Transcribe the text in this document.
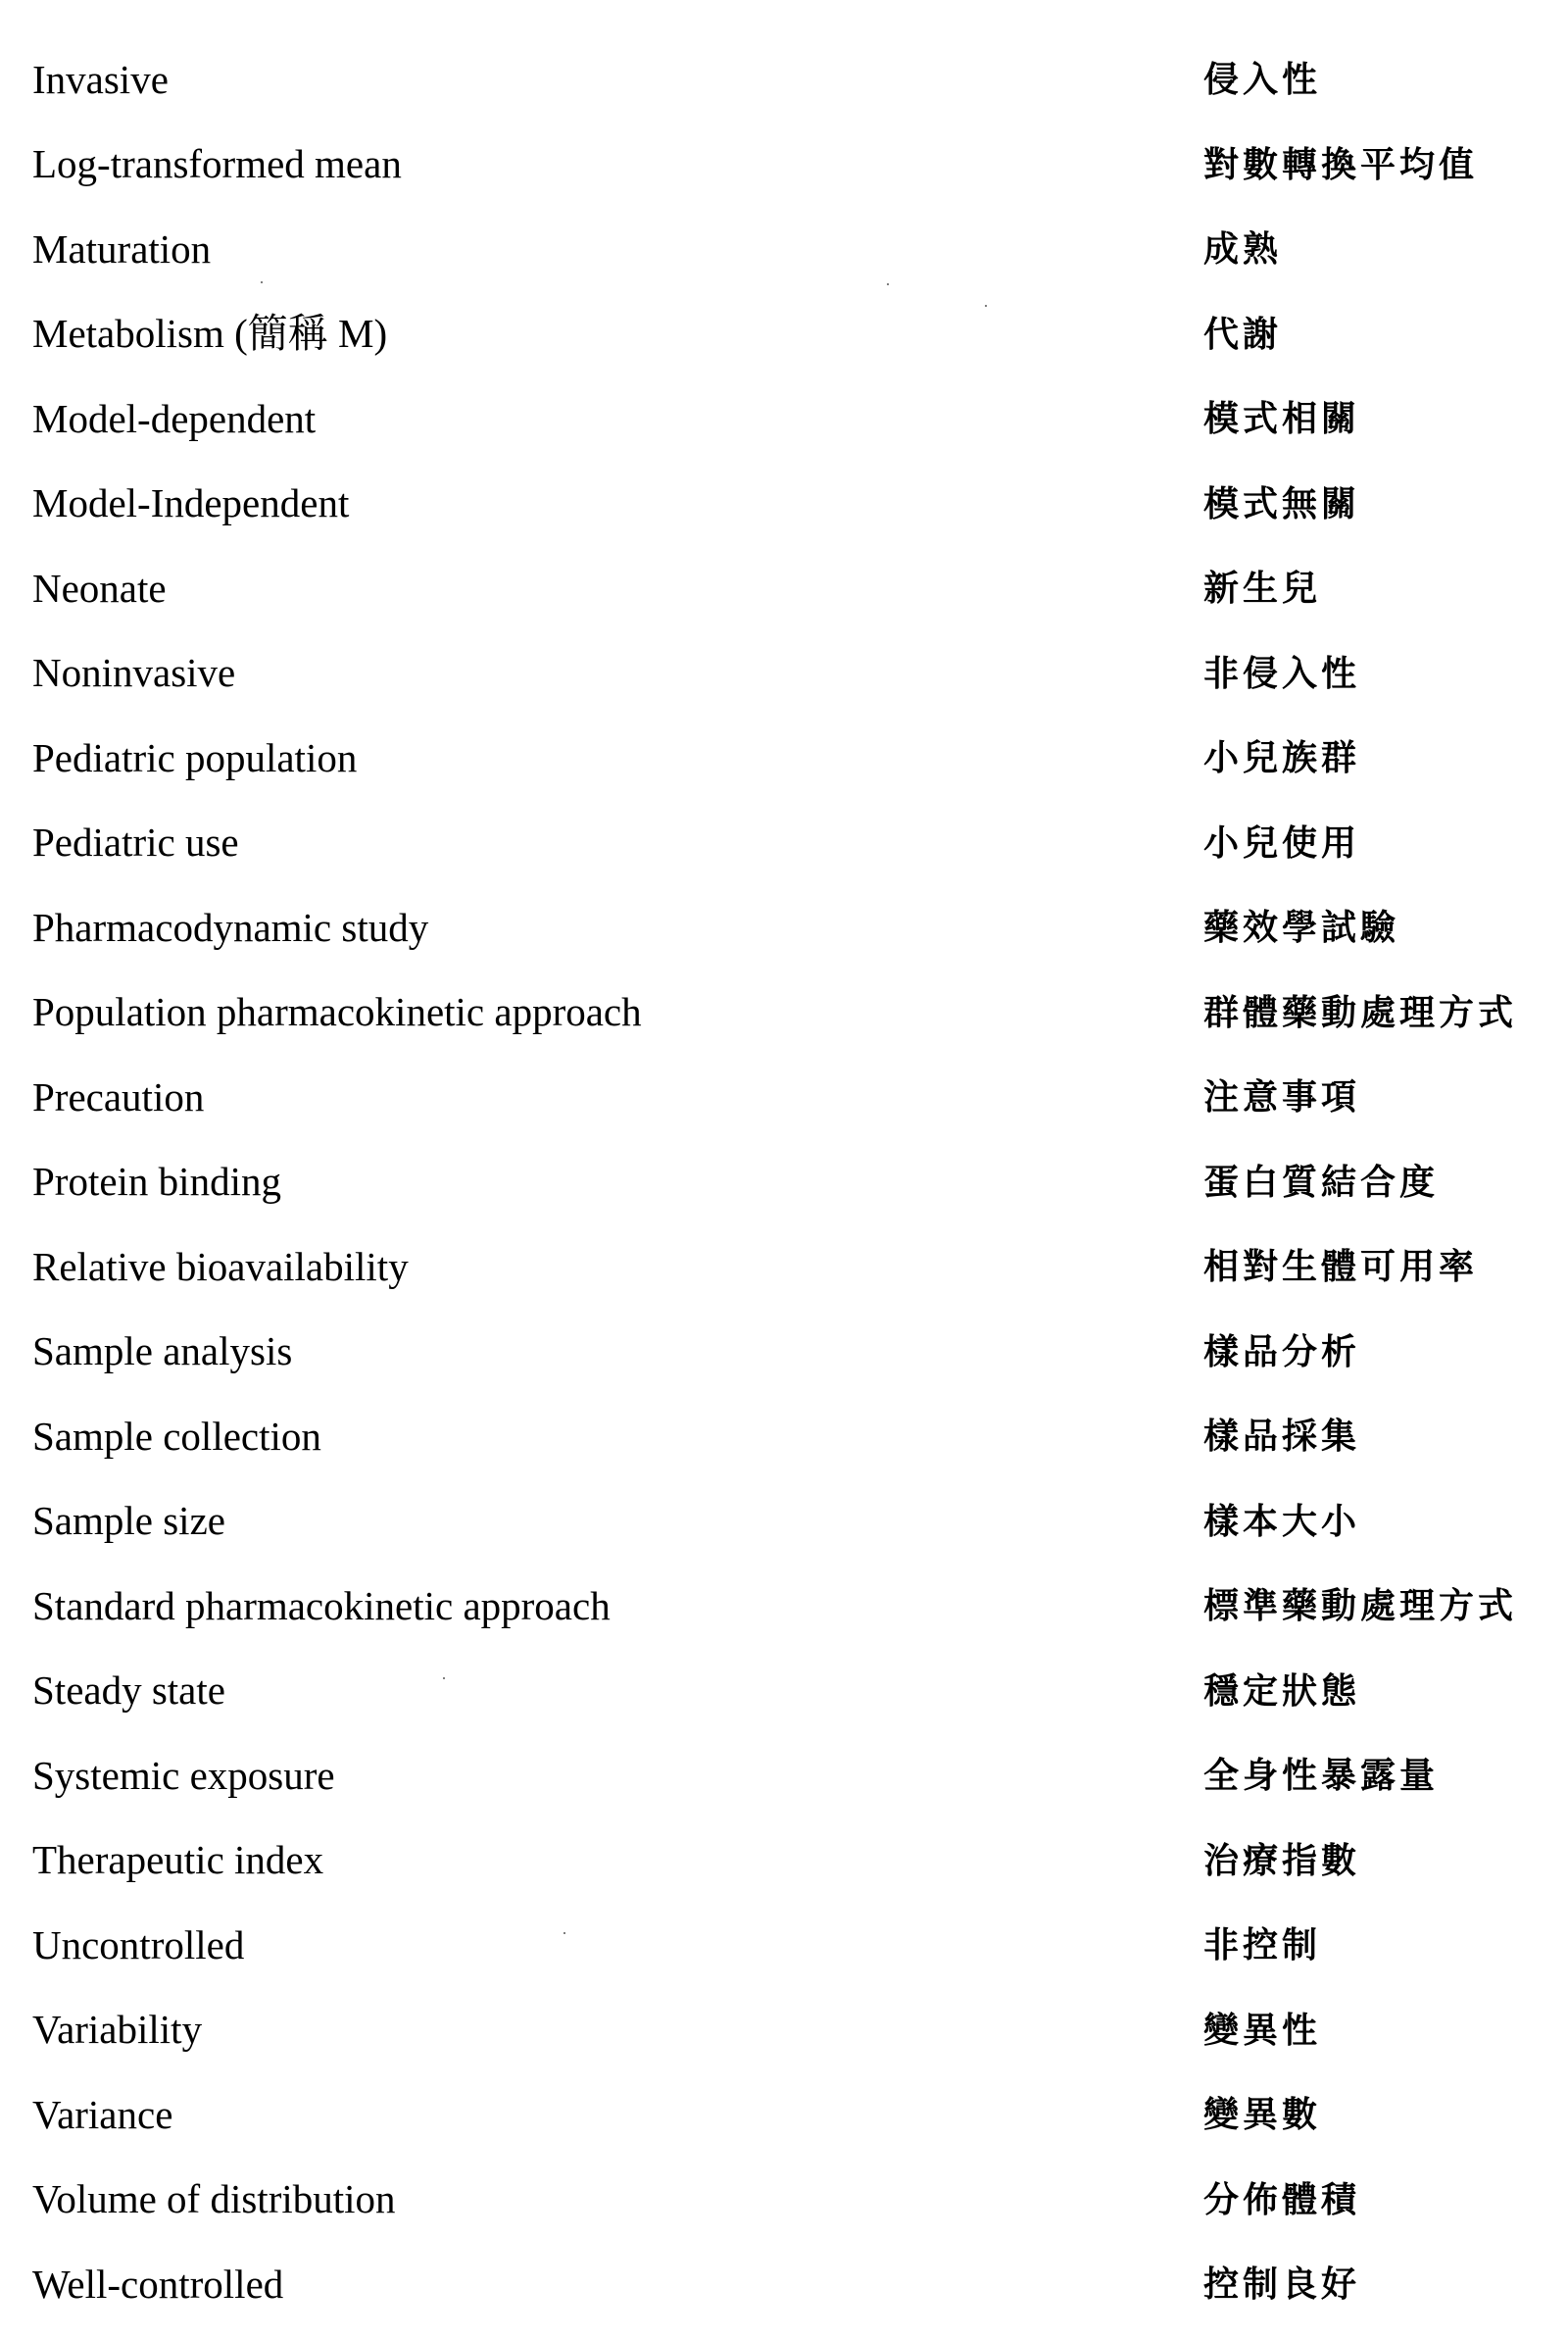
Invasive	侵入性
Log-transformed mean	對數轉換平均值
Maturation	成熟
Metabolism (簡稱 M)	代謝
Model-dependent	模式相關
Model-Independent	模式無關
Neonate	新生兒
Noninvasive	非侵入性
Pediatric population	小兒族群
Pediatric use	小兒使用
Pharmacodynamic study	藥效學試驗
Population pharmacokinetic approach	群體藥動處理方式
Precaution	注意事項
Protein binding	蛋白質結合度
Relative bioavailability	相對生體可用率
Sample analysis	樣品分析
Sample collection	樣品採集
Sample size	樣本大小
Standard pharmacokinetic approach	標準藥動處理方式
Steady state	穩定狀態
Systemic exposure	全身性暴露量
Therapeutic index	治療指數
Uncontrolled	非控制
Variability	變異性
Variance	變異數
Volume of distribution	分佈體積
Well-controlled	控制良好
